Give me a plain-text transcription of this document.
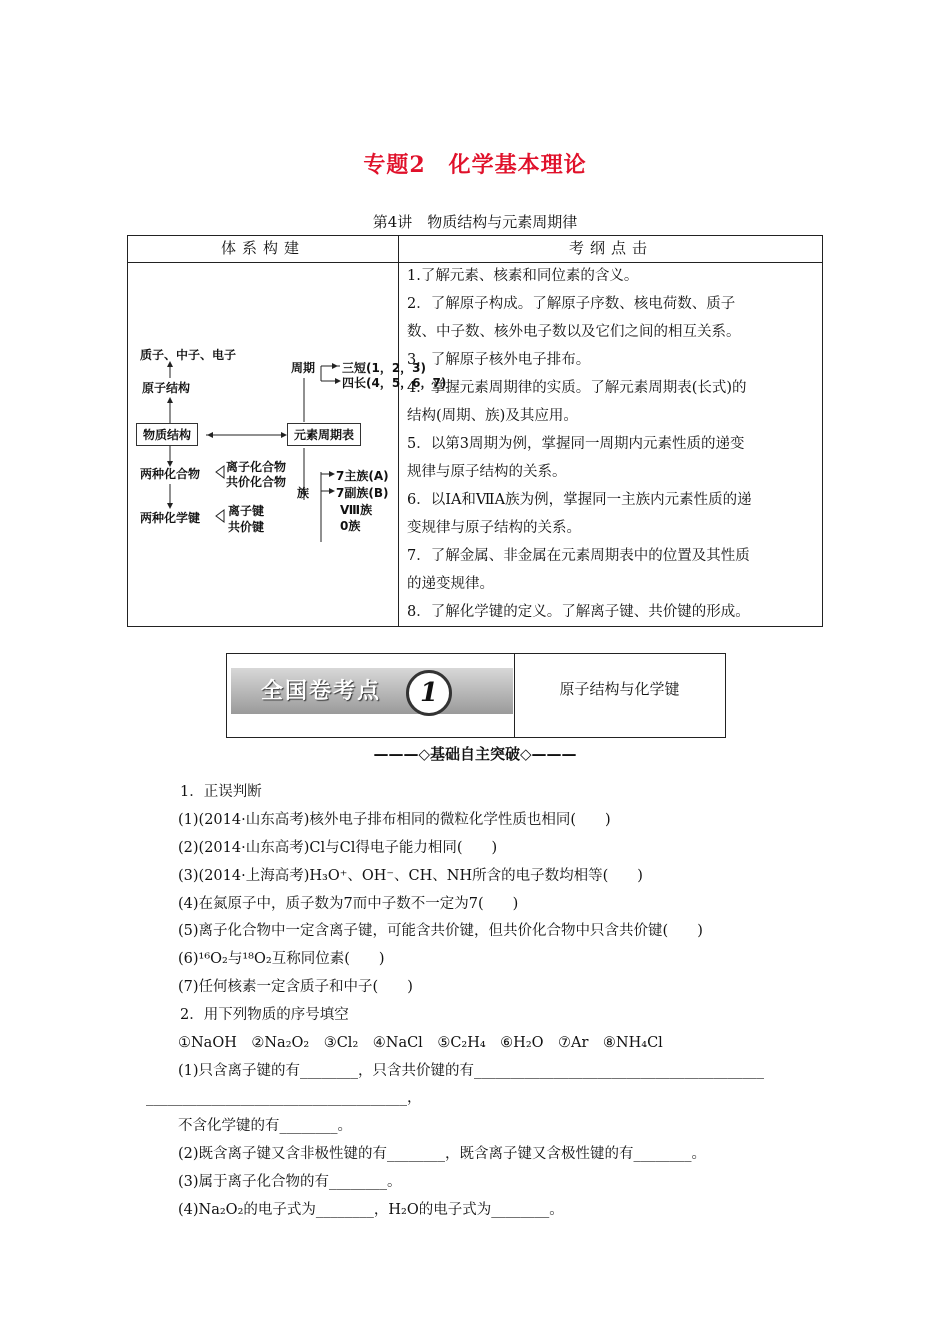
专题2　化学基本理论
第4讲　物质结构与元素周期律
体系构建	考纲点击
质子、中子、电子
原子结构
物质结构	元素周期表
周期 三短(1，2，3)
四长(4，5，6，7)
两种化合物 离子化合物
共价化合物
两种化学键 离子键
共价键
族
7主族(A)
7副族(B)
Ⅷ族
0族
1.了解元素、核素和同位素的含义。
2．了解原子构成。了解原子序数、核电荷数、质子
数、中子数、核外电子数以及它们之间的相互关系。
3．了解原子核外电子排布。
4．掌握元素周期律的实质。了解元素周期表(长式)的
结构(周期、族)及其应用。
5．以第3周期为例，掌握同一周期内元素性质的递变
规律与原子结构的关系。
6．以ⅠA和ⅦA族为例，掌握同一主族内元素性质的递
变规律与原子结构的关系。
7．了解金属、非金属在元素周期表中的位置及其性质
的递变规律。
8．了解化学键的定义。了解离子键、共价键的形成。
全国卷考点	1	原子结构与化学键
———◇基础自主突破◇———
1．正误判断
(1)(2014·山东高考)核外电子排布相同的微粒化学性质也相同(　　)
(2)(2014·山东高考)Cl与Cl得电子能力相同(　　)
(3)(2014·上海高考)H₃O⁺、OH⁻、CH、NH所含的电子数均相等(　　)
(4)在氮原子中，质子数为7而中子数不一定为7(　　)
(5)离子化合物中一定含离子键，可能含共价键，但共价化合物中只含共价键(　　)
(6)¹⁶O₂与¹⁸O₂互称同位素(　　)
(7)任何核素一定含质子和中子(　　)
2．用下列物质的序号填空
①NaOH　②Na₂O₂　③Cl₂　④NaCl　⑤C₂H₄　⑥H₂O　⑦Ar　⑧NH₄Cl
(1)只含离子键的有________，只含共价键的有________________________________________
____________________________________，
不含化学键的有________。
(2)既含离子键又含非极性键的有________，既含离子键又含极性键的有________。
(3)属于离子化合物的有________。
(4)Na₂O₂的电子式为________，H₂O的电子式为________。
